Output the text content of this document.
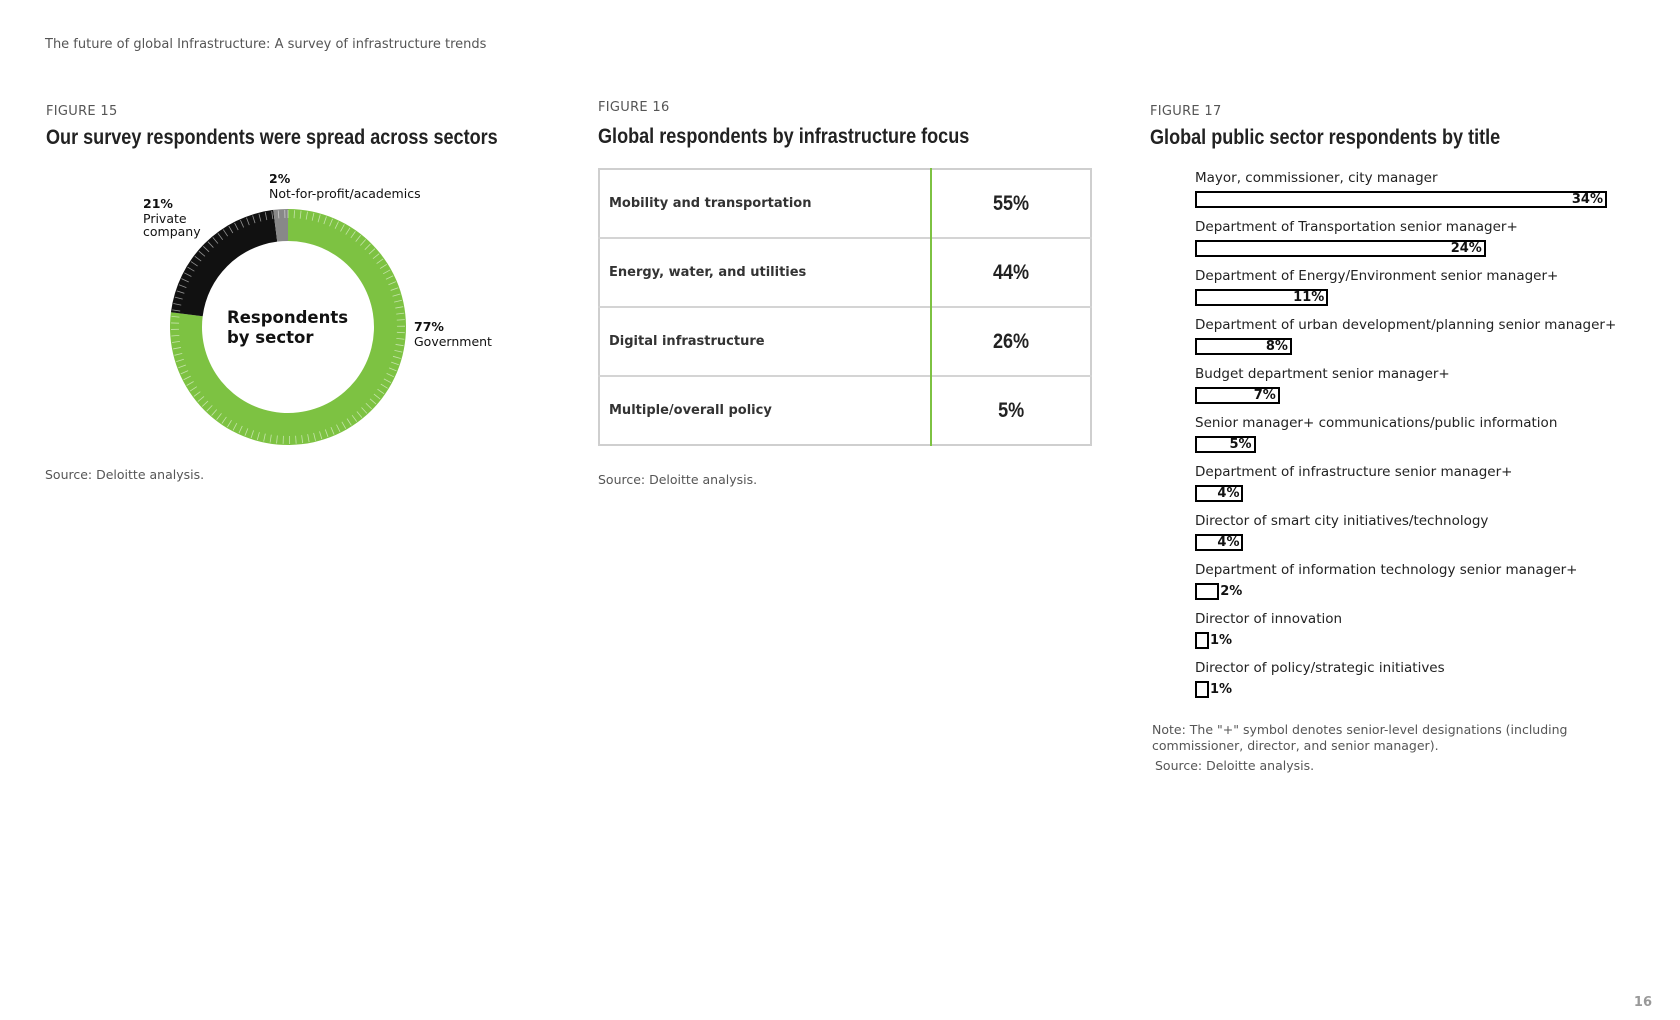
The future of global Infrastructure: A survey of infrastructure trends
FIGURE 15
Our survey respondents were spread across sectors
Respondents
by sector
77%
Government
21%
Private
company
2%
Not-for-profit/academics
Source: Deloitte analysis.
FIGURE 16
Global respondents by infrastructure focus
Mobility and transportation	55%
Energy, water, and utilities	44%
Digital infrastructure	26%
Multiple/overall policy	5%
Source: Deloitte analysis.
FIGURE 17
Global public sector respondents by title
Mayor, commissioner, city manager
34%
Department of Transportation senior manager+
24%
Department of Energy/Environment senior manager+
11%
Department of urban development/planning senior manager+
8%
Budget department senior manager+
7%
Senior manager+ communications/public information
5%
Department of infrastructure senior manager+
4%
Director of smart city initiatives/technology
4%
Department of information technology senior manager+
2%
Director of innovation
1%
Director of policy/strategic initiatives
1%
Note: The "+" symbol denotes senior-level designations (including commissioner, director, and senior manager).
Source: Deloitte analysis.
16
